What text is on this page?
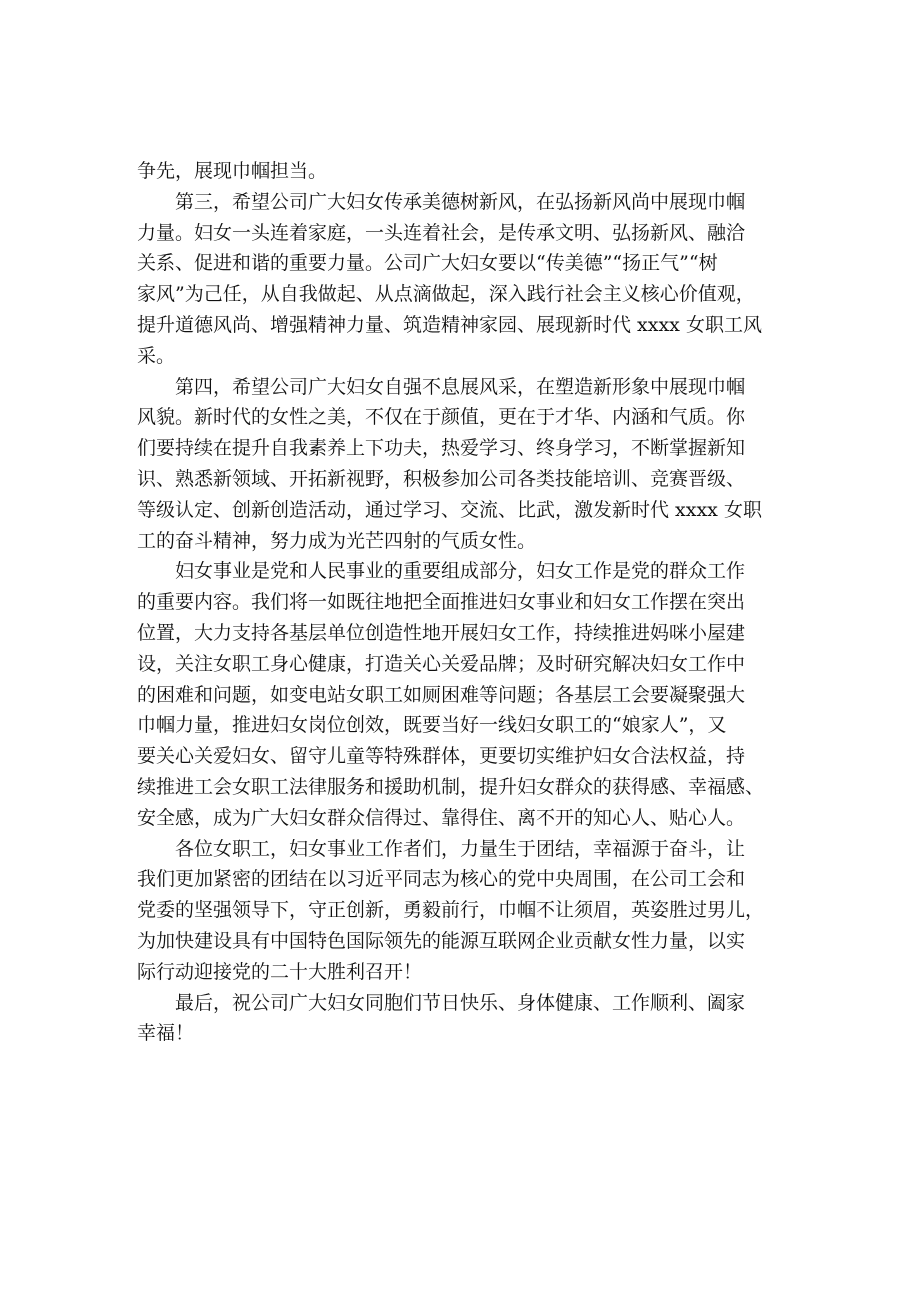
争先，展现巾帼担当。
第三，希望公司广大妇女传承美德树新风，在弘扬新风尚中展现巾帼
力量。妇女一头连着家庭，一头连着社会，是传承文明、弘扬新风、融洽
关系、促进和谐的重要力量。公司广大妇女要以“传美德”“扬正气”“树
家风”为己任，从自我做起、从点滴做起，深入践行社会主义核心价值观，
提升道德风尚、增强精神力量、筑造精神家园、展现新时代 xxxx 女职工风
采。
第四，希望公司广大妇女自强不息展风采，在塑造新形象中展现巾帼
风貌。新时代的女性之美，不仅在于颜值，更在于才华、内涵和气质。你
们要持续在提升自我素养上下功夫，热爱学习、终身学习，不断掌握新知
识、熟悉新领域、开拓新视野，积极参加公司各类技能培训、竞赛晋级、
等级认定、创新创造活动，通过学习、交流、比武，激发新时代 xxxx 女职
工的奋斗精神，努力成为光芒四射的气质女性。
妇女事业是党和人民事业的重要组成部分，妇女工作是党的群众工作
的重要内容。我们将一如既往地把全面推进妇女事业和妇女工作摆在突出
位置，大力支持各基层单位创造性地开展妇女工作，持续推进妈咪小屋建
设，关注女职工身心健康，打造关心关爱品牌；及时研究解决妇女工作中
的困难和问题，如变电站女职工如厕困难等问题；各基层工会要凝聚强大
巾帼力量，推进妇女岗位创效，既要当好一线妇女职工的“娘家人”，又
要关心关爱妇女、留守儿童等特殊群体，更要切实维护妇女合法权益，持
续推进工会女职工法律服务和援助机制，提升妇女群众的获得感、幸福感、
安全感，成为广大妇女群众信得过、靠得住、离不开的知心人、贴心人。
各位女职工，妇女事业工作者们，力量生于团结，幸福源于奋斗，让
我们更加紧密的团结在以习近平同志为核心的党中央周围，在公司工会和
党委的坚强领导下，守正创新，勇毅前行，巾帼不让须眉，英姿胜过男儿，
为加快建设具有中国特色国际领先的能源互联网企业贡献女性力量，以实
际行动迎接党的二十大胜利召开！
最后，祝公司广大妇女同胞们节日快乐、身体健康、工作顺利、阖家
幸福！
